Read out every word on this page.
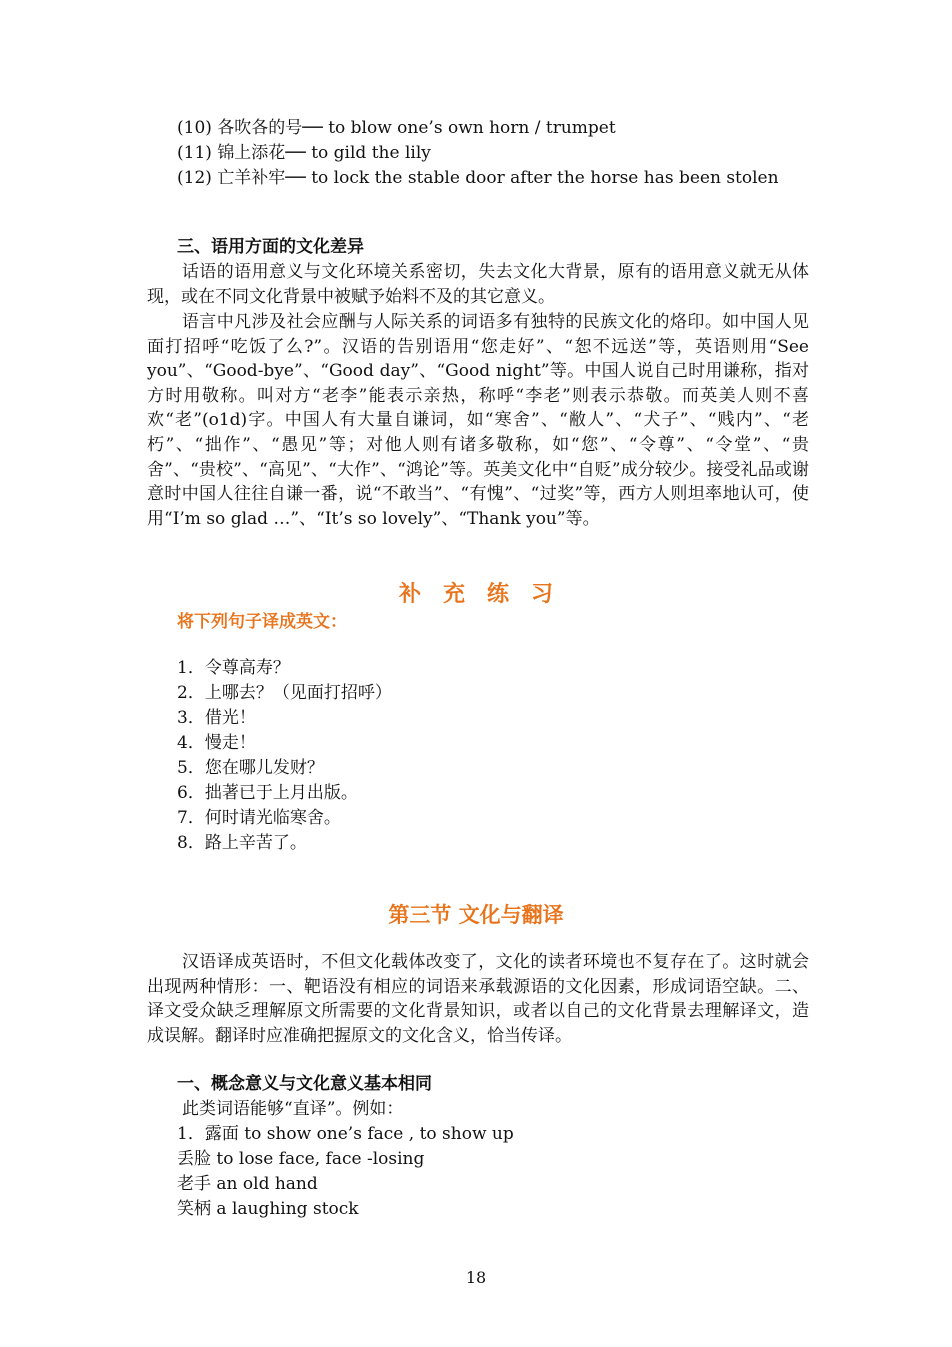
(10) 各吹各的号── to blow one’s own horn / trumpet
(11) 锦上添花── to gild the lily
(12) 亡羊补牢── to lock the stable door after the horse has been stolen
三、语用方面的文化差异
　　话语的语用意义与文化环境关系密切，失去文化大背景，原有的语用意义就无从体现，或在不同文化背景中被赋予始料不及的其它意义。
　　语言中凡涉及社会应酬与人际关系的词语多有独特的民族文化的烙印。如中国人见面打招呼“吃饭了么?”。汉语的告别语用“您走好”、“恕不远送”等，英语则用“See you”、“Good-bye”、“Good day”、“Good night”等。中国人说自己时用谦称，指对方时用敬称。叫对方“老李”能表示亲热，称呼“李老”则表示恭敬。而英美人则不喜欢“老”(o1d)字。中国人有大量自谦词，如“寒舍”、“敝人”、“犬子”、“贱内”、“老朽”、“拙作”、“愚见”等；对他人则有诸多敬称，如“您”、“令尊”、“令堂”、“贵舍”、“贵校”、“高见”、“大作”、“鸿论”等。英美文化中“自贬”成分较少。接受礼品或谢意时中国人往往自谦一番，说“不敢当”、“有愧”、“过奖”等，西方人则坦率地认可，使用“I’m so glad …”、“It’s so lovely”、“Thank you”等。
补　充　练　习
将下列句子译成英文：
1．令尊高寿？
2．上哪去？（见面打招呼）
3．借光！
4．慢走！
5．您在哪儿发财？
6．拙著已于上月出版。
7．何时请光临寒舍。
8．路上辛苦了。
第三节 文化与翻译
　　汉语译成英语时，不但文化载体改变了，文化的读者环境也不复存在了。这时就会出现两种情形：一、靶语没有相应的词语来承载源语的文化因素，形成词语空缺。二、译文受众缺乏理解原文所需要的文化背景知识，或者以自己的文化背景去理解译文，造成误解。翻译时应准确把握原文的文化含义，恰当传译。
一、概念意义与文化意义基本相同
此类词语能够“直译”。例如：
1．露面 to show one’s face , to show up
丢脸 to lose face, face -losing
老手 an old hand
笑柄 a laughing stock
18
